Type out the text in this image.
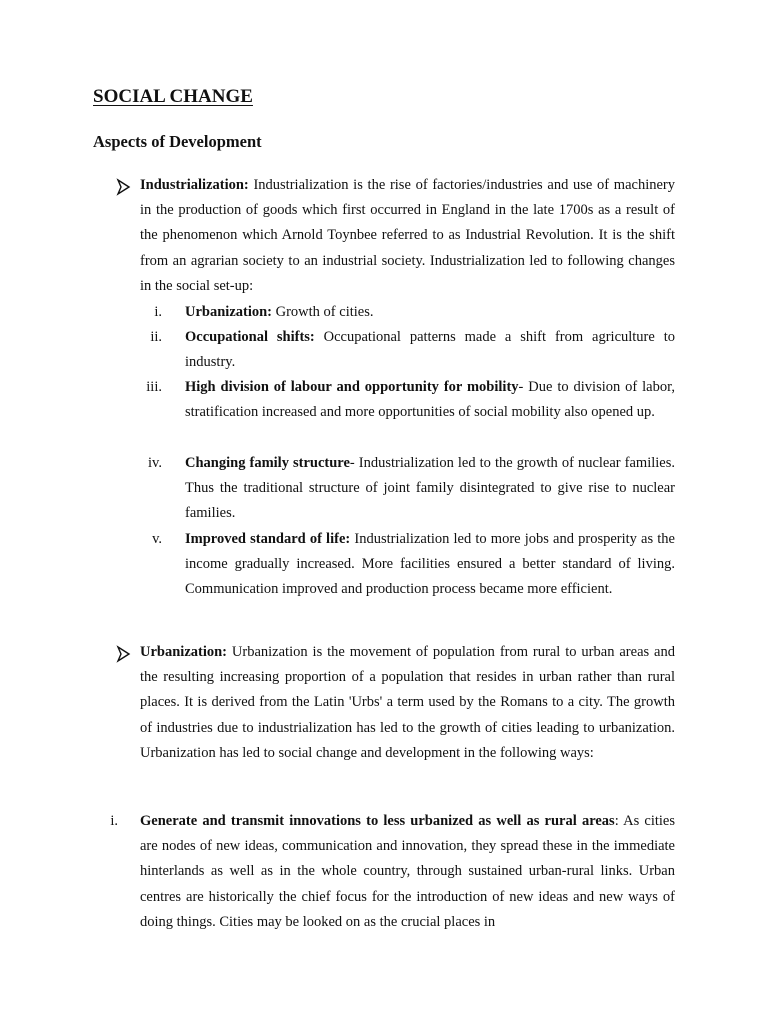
SOCIAL CHANGE
Aspects of Development
Industrialization: Industrialization is the rise of factories/industries and use of machinery in the production of goods which first occurred in England in the late 1700s as a result of the phenomenon which Arnold Toynbee referred to as Industrial Revolution. It is the shift from an agrarian society to an industrial society. Industrialization led to following changes in the social set-up:
i. Urbanization: Growth of cities.
ii. Occupational shifts: Occupational patterns made a shift from agriculture to industry.
iii. High division of labour and opportunity for mobility- Due to division of labor, stratification increased and more opportunities of social mobility also opened up.
iv. Changing family structure- Industrialization led to the growth of nuclear families. Thus the traditional structure of joint family disintegrated to give rise to nuclear families.
v. Improved standard of life: Industrialization led to more jobs and prosperity as the income gradually increased. More facilities ensured a better standard of living. Communication improved and production process became more efficient.
Urbanization: Urbanization is the movement of population from rural to urban areas and the resulting increasing proportion of a population that resides in urban rather than rural places. It is derived from the Latin 'Urbs' a term used by the Romans to a city. The growth of industries due to industrialization has led to the growth of cities leading to urbanization. Urbanization has led to social change and development in the following ways:
i. Generate and transmit innovations to less urbanized as well as rural areas: As cities are nodes of new ideas, communication and innovation, they spread these in the immediate hinterlands as well as in the whole country, through sustained urban-rural links. Urban centres are historically the chief focus for the introduction of new ideas and new ways of doing things. Cities may be looked on as the crucial places in
